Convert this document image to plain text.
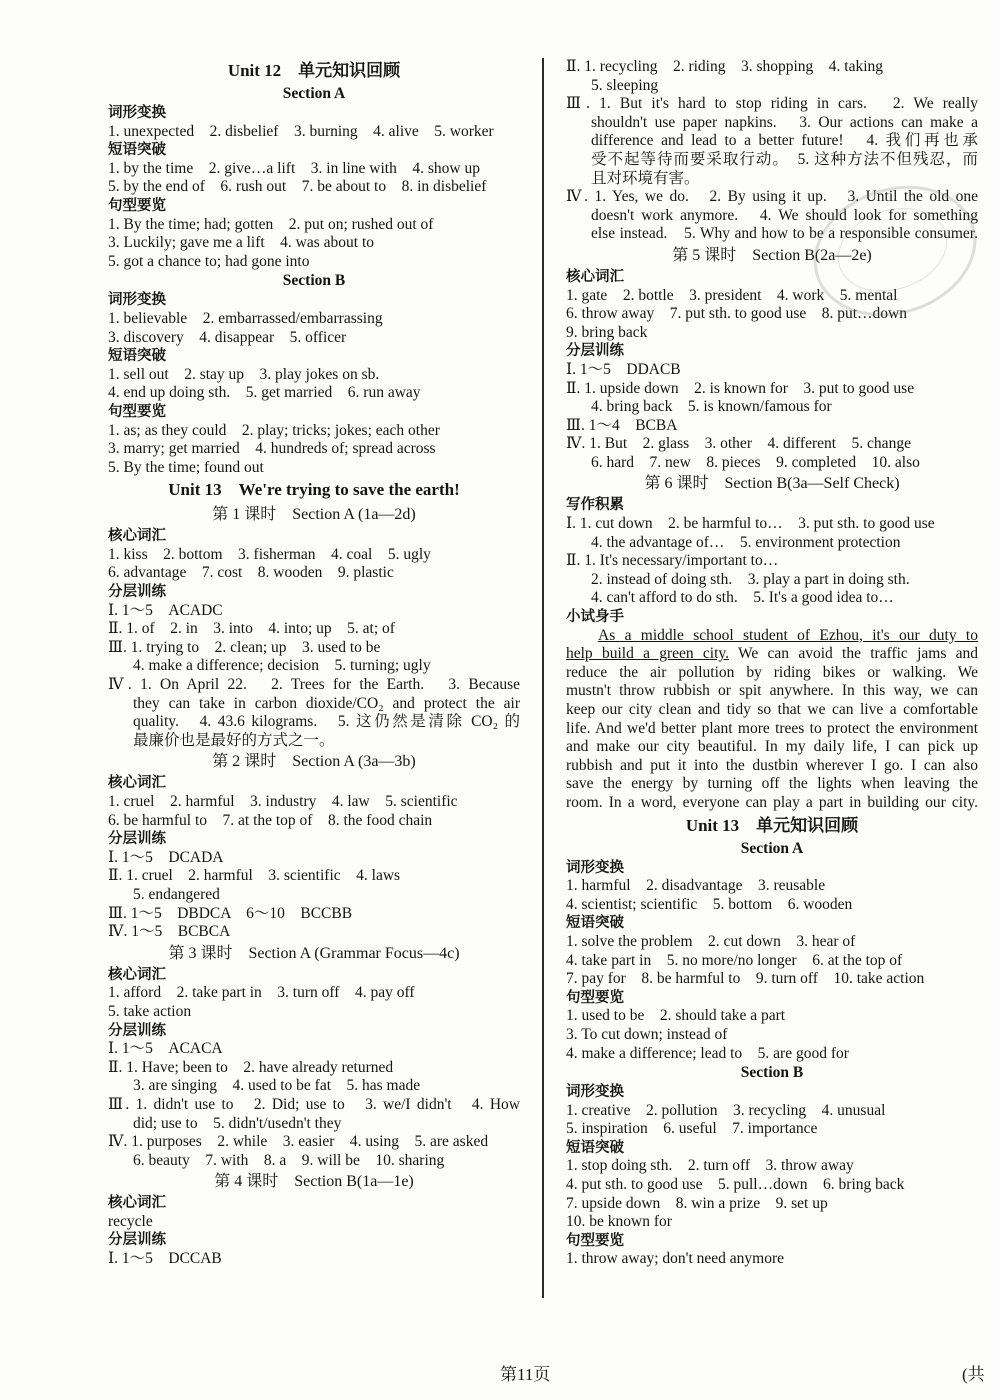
Unit 12　单元知识回顾
Section A
词形变换
1. unexpected　2. disbelief　3. burning　4. alive　5. worker
短语突破
1. by the time　2. give…a lift　3. in line with　4. show up
5. by the end of　6. rush out　7. be about to　8. in disbelief
句型要览
1. By the time; had; gotten　2. put on; rushed out of
3. Luckily; gave me a lift　4. was about to
5. got a chance to; had gone into
Section B
词形变换
1. believable　2. embarrassed/embarrassing
3. discovery　4. disappear　5. officer
短语突破
1. sell out　2. stay up　3. play jokes on sb.
4. end up doing sth.　5. get married　6. run away
句型要览
1. as; as they could　2. play; tricks; jokes; each other
3. marry; get married　4. hundreds of; spread across
5. By the time; found out
Unit 13　We're trying to save the earth!
第 1 课时　Section A (1a—2d)
核心词汇
1. kiss　2. bottom　3. fisherman　4. coal　5. ugly
6. advantage　7. cost　8. wooden　9. plastic
分层训练
Ⅰ. 1～5　ACADC
Ⅱ. 1. of　2. in　3. into　4. into; up　5. at; of
Ⅲ. 1. trying to　2. clean; up　3. used to be
4. make a difference; decision　5. turning; ugly
Ⅳ. 1. On April 22.　2. Trees for the Earth.　3. Because
they can take in carbon dioxide/CO₂ and protect the air
quality.　4. 43.6 kilograms.　5. 这仍然是清除 CO₂ 的
最廉价也是最好的方式之一。
第 2 课时　Section A (3a—3b)
核心词汇
1. cruel　2. harmful　3. industry　4. law　5. scientific
6. be harmful to　7. at the top of　8. the food chain
分层训练
Ⅰ. 1～5　DCADA
Ⅱ. 1. cruel　2. harmful　3. scientific　4. laws
5. endangered
Ⅲ. 1～5　DBDCA　6～10　BCCBB
Ⅳ. 1～5　BCBCA
第 3 课时　Section A (Grammar Focus—4c)
核心词汇
1. afford　2. take part in　3. turn off　4. pay off
5. take action
分层训练
Ⅰ. 1～5　ACACA
Ⅱ. 1. Have; been to　2. have already returned
3. are singing　4. used to be fat　5. has made
Ⅲ. 1. didn't use to　2. Did; use to　3. we/I didn't　4. How
did; use to　5. didn't/usedn't they
Ⅳ. 1. purposes　2. while　3. easier　4. using　5. are asked
6. beauty　7. with　8. a　9. will be　10. sharing
第 4 课时　Section B(1a—1e)
核心词汇
recycle
分层训练
Ⅰ. 1～5　DCCAB
Ⅱ. 1. recycling　2. riding　3. shopping　4. taking
5. sleeping
Ⅲ. 1. But it's hard to stop riding in cars.　2. We really
shouldn't use paper napkins.　3. Our actions can make a
difference and lead to a better future!　4. 我们再也承
受不起等待而要采取行动。　5. 这种方法不但残忍，而
且对环境有害。
Ⅳ. 1. Yes, we do.　2. By using it up.　3. Until the old one
doesn't work anymore.　4. We should look for something
else instead.　5. Why and how to be a responsible consumer.
第 5 课时　Section B(2a—2e)
核心词汇
1. gate　2. bottle　3. president　4. work　5. mental
6. throw away　7. put sth. to good use　8. put…down
9. bring back
分层训练
Ⅰ. 1～5　DDACB
Ⅱ. 1. upside down　2. is known for　3. put to good use
4. bring back　5. is known/famous for
Ⅲ. 1～4　BCBA
Ⅳ. 1. But　2. glass　3. other　4. different　5. change
6. hard　7. new　8. pieces　9. completed　10. also
第 6 课时　Section B(3a—Self Check)
写作积累
Ⅰ. 1. cut down　2. be harmful to…　3. put sth. to good use
4. the advantage of…　5. environment protection
Ⅱ. 1. It's necessary/important to…
2. instead of doing sth.　3. play a part in doing sth.
4. can't afford to do sth.　5. It's a good idea to…
小试身手
As a middle school student of Ezhou, it's our duty to
help build a green city. We can avoid the traffic jams and
reduce the air pollution by riding bikes or walking. We
mustn't throw rubbish or spit anywhere. In this way, we can
keep our city clean and tidy so that we can live a comfortable
life. And we'd better plant more trees to protect the environment
and make our city beautiful. In my daily life, I can pick up
rubbish and put it into the dustbin wherever I go. I can also
save the energy by turning off the lights when leaving the
room. In a word, everyone can play a part in building our city.
Unit 13　单元知识回顾
Section A
词形变换
1. harmful　2. disadvantage　3. reusable
4. scientist; scientific　5. bottom　6. wooden
短语突破
1. solve the problem　2. cut down　3. hear of
4. take part in　5. no more/no longer　6. at the top of
7. pay for　8. be harmful to　9. turn off　10. take action
句型要览
1. used to be　2. should take a part
3. To cut down; instead of
4. make a difference; lead to　5. are good for
Section B
词形变换
1. creative　2. pollution　3. recycling　4. unusual
5. inspiration　6. useful　7. importance
短语突破
1. stop doing sth.　2. turn off　3. throw away
4. put sth. to good use　5. pull…down　6. bring back
7. upside down　8. win a prize　9. set up
10. be known for
句型要览
1. throw away; don't need anymore
第11页	(共
